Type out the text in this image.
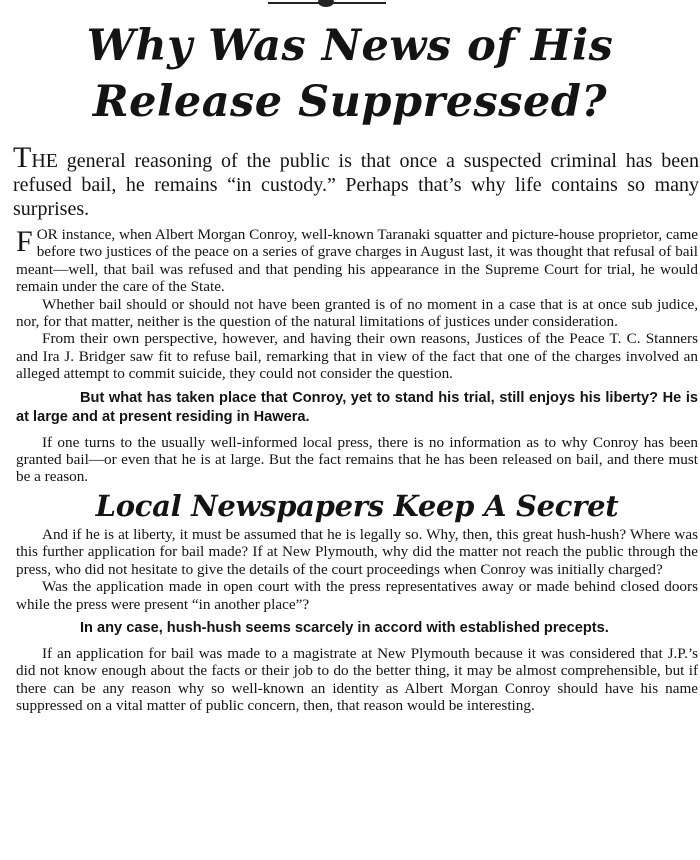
Why Was News of His Release Suppressed?

THE general reasoning of the public is that once a suspected criminal has been refused bail, he remains “in custody.” Perhaps that’s why life contains so many surprises.

FOR instance, when Albert Morgan Conroy, well-known Taranaki squatter and picture-house proprietor, came before two justices of the peace on a series of grave charges in August last, it was thought that refusal of bail meant—well, that bail was refused and that pending his appearance in the Supreme Court for trial, he would remain under the care of the State.

Whether bail should or should not have been granted is of no moment in a case that is at once sub judice, nor, for that matter, neither is the question of the natural limitations of justices under consideration.

From their own perspective, however, and having their own reasons, Justices of the Peace T. C. Stanners and Ira J. Bridger saw fit to refuse bail, remarking that in view of the fact that one of the charges involved an alleged attempt to commit suicide, they could not consider the question.

But what has taken place that Conroy, yet to stand his trial, still enjoys his liberty? He is at large and at present residing in Hawera.

If one turns to the usually well-informed local press, there is no information as to why Conroy has been granted bail—or even that he is at large. But the fact remains that he has been released on bail, and there must be a reason.

Local Newspapers Keep A Secret

And if he is at liberty, it must be assumed that he is legally so. Why, then, this great hush-hush? Where was this further application for bail made? If at New Plymouth, why did the matter not reach the public through the press, who did not hesitate to give the details of the court proceedings when Conroy was initially charged?

Was the application made in open court with the press representatives away or made behind closed doors while the press were present “in another place”?

In any case, hush-hush seems scarcely in accord with established precepts.

If an application for bail was made to a magistrate at New Plymouth because it was considered that J.P.’s did not know enough about the facts or their job to do the better thing, it may be almost comprehensible, but if there can be any reason why so well-known an identity as Albert Morgan Conroy should have his name suppressed on a vital matter of public concern, then, that reason would be interesting.
